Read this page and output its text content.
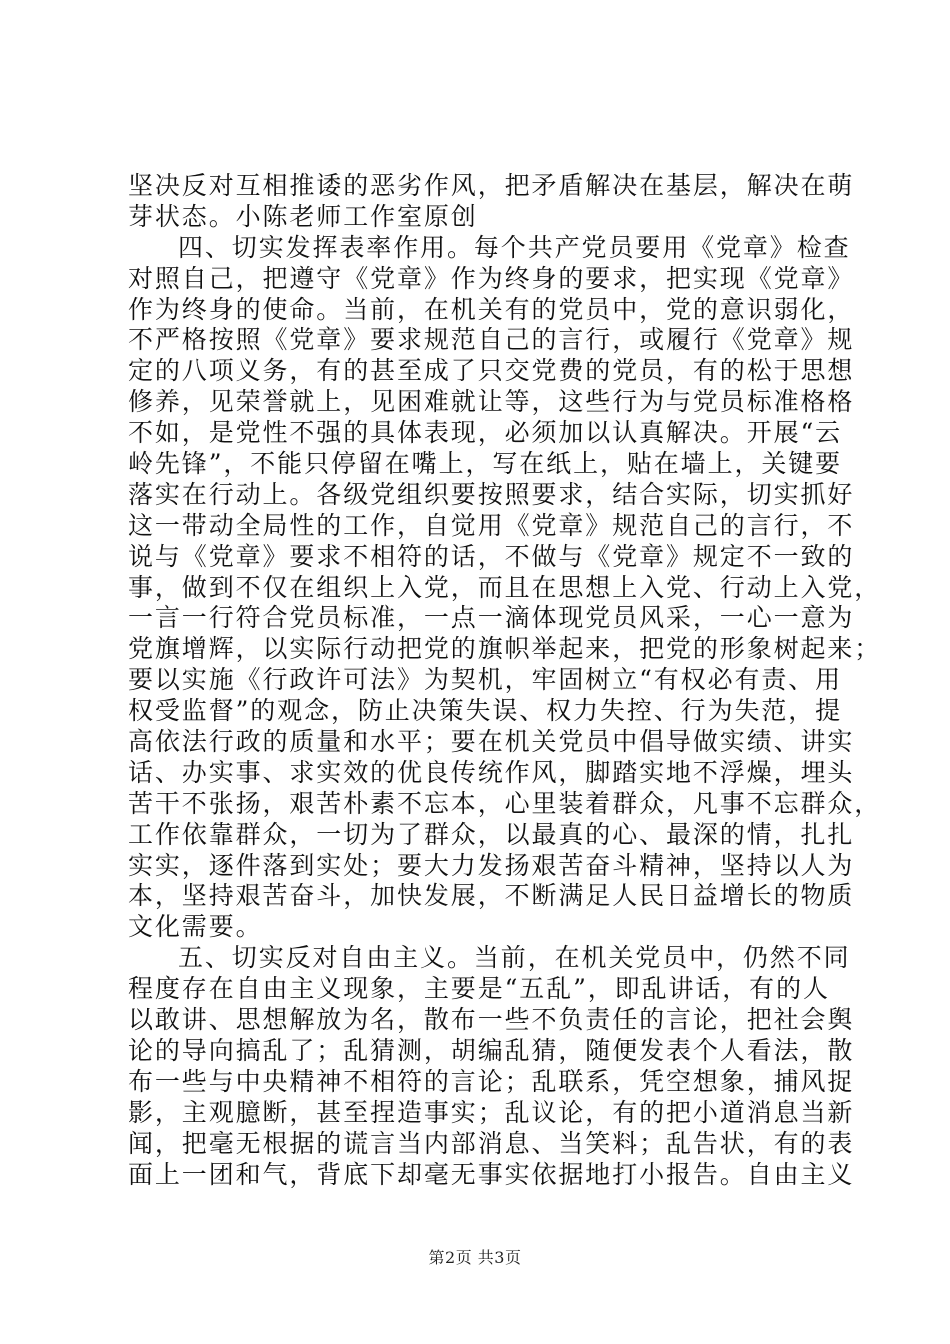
坚决反对互相推诿的恶劣作风，把矛盾解决在基层，解决在萌
芽状态。小陈老师工作室原创
四、切实发挥表率作用。每个共产党员要用《党章》检查
对照自己，把遵守《党章》作为终身的要求，把实现《党章》
作为终身的使命。当前，在机关有的党员中，党的意识弱化，
不严格按照《党章》要求规范自己的言行，或履行《党章》规
定的八项义务，有的甚至成了只交党费的党员，有的松于思想
修养，见荣誉就上，见困难就让等，这些行为与党员标准格格
不如，是党性不强的具体表现，必须加以认真解决。开展“云
岭先锋”，不能只停留在嘴上，写在纸上，贴在墙上，关键要
落实在行动上。各级党组织要按照要求，结合实际，切实抓好
这一带动全局性的工作，自觉用《党章》规范自己的言行，不
说与《党章》要求不相符的话，不做与《党章》规定不一致的
事，做到不仅在组织上入党，而且在思想上入党、行动上入党，
一言一行符合党员标准，一点一滴体现党员风采，一心一意为
党旗增辉，以实际行动把党的旗帜举起来，把党的形象树起来；
要以实施《行政许可法》为契机，牢固树立“有权必有责、用
权受监督”的观念，防止决策失误、权力失控、行为失范，提
高依法行政的质量和水平；要在机关党员中倡导做实绩、讲实
话、办实事、求实效的优良传统作风，脚踏实地不浮燥，埋头
苦干不张扬，艰苦朴素不忘本，心里装着群众，凡事不忘群众，
工作依靠群众，一切为了群众，以最真的心、最深的情，扎扎
实实，逐件落到实处；要大力发扬艰苦奋斗精神，坚持以人为
本，坚持艰苦奋斗，加快发展，不断满足人民日益增长的物质
文化需要。
五、切实反对自由主义。当前，在机关党员中，仍然不同
程度存在自由主义现象，主要是“五乱”，即乱讲话，有的人
以敢讲、思想解放为名，散布一些不负责任的言论，把社会舆
论的导向搞乱了；乱猜测，胡编乱猜，随便发表个人看法，散
布一些与中央精神不相符的言论；乱联系，凭空想象，捕风捉
影，主观臆断，甚至捏造事实；乱议论，有的把小道消息当新
闻，把毫无根据的谎言当内部消息、当笑料；乱告状，有的表
面上一团和气，背底下却毫无事实依据地打小报告。自由主义
第2页 共3页
